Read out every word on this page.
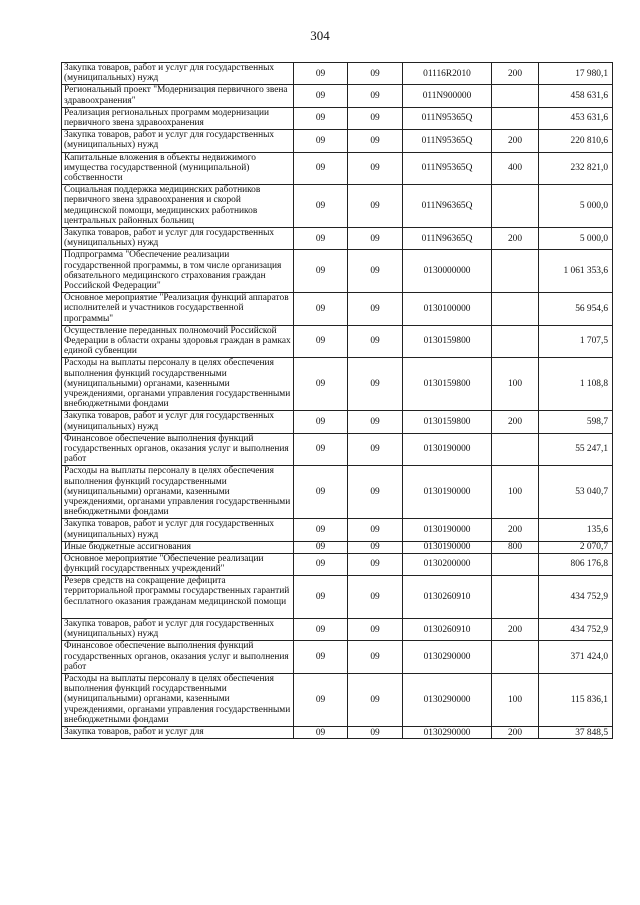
304
Закупка товаров, работ и услуг для государственных (муниципальных) нужд	09	09	01116R2010	200	17 980,1
Региональный проект "Модернизация первичного звена здравоохранения"	09	09	011N900000		458 631,6
Реализация региональных программ модернизации первичного звена здравоохранения	09	09	011N95365Q		453 631,6
Закупка товаров, работ и услуг для государственных (муниципальных) нужд	09	09	011N95365Q	200	220 810,6
Капитальные вложения в объекты недвижимого имущества государственной (муниципальной) собственности	09	09	011N95365Q	400	232 821,0
Социальная поддержка медицинских работников первичного звена здравоохранения и скорой медицинской помощи, медицинских работников центральных районных больниц	09	09	011N96365Q		5 000,0
Закупка товаров, работ и услуг для государственных (муниципальных) нужд	09	09	011N96365Q	200	5 000,0
Подпрограмма "Обеспечение реализации государственной программы, в том числе организация обязательного медицинского страхования граждан Российской Федерации"	09	09	0130000000		1 061 353,6
Основное мероприятие "Реализация функций аппаратов исполнителей и участников государственной программы"	09	09	0130100000		56 954,6
Осуществление переданных полномочий Российской Федерации в области охраны здоровья граждан в рамках единой субвенции	09	09	0130159800		1 707,5
Расходы на выплаты персоналу в целях обеспечения выполнения функций государственными (муниципальными) органами, казенными учреждениями, органами управления государственными внебюджетными фондами	09	09	0130159800	100	1 108,8
Закупка товаров, работ и услуг для государственных (муниципальных) нужд	09	09	0130159800	200	598,7
Финансовое обеспечение выполнения функций государственных органов, оказания услуг и выполнения работ	09	09	0130190000		55 247,1
Расходы на выплаты персоналу в целях обеспечения выполнения функций государственными (муниципальными) органами, казенными учреждениями, органами управления государственными внебюджетными фондами	09	09	0130190000	100	53 040,7
Закупка товаров, работ и услуг для государственных (муниципальных) нужд	09	09	0130190000	200	135,6
Иные бюджетные ассигнования	09	09	0130190000	800	2 070,7
Основное мероприятие "Обеспечение реализации функций государственных учреждений"	09	09	0130200000		806 176,8
Резерв средств на сокращение дефицита территориальной программы государственных гарантий бесплатного оказания гражданам медицинской помощи	09	09	0130260910		434 752,9
Закупка товаров, работ и услуг для государственных (муниципальных) нужд	09	09	0130260910	200	434 752,9
Финансовое обеспечение выполнения функций государственных органов, оказания услуг и выполнения работ	09	09	0130290000		371 424,0
Расходы на выплаты персоналу в целях обеспечения выполнения функций государственными (муниципальными) органами, казенными учреждениями, органами управления государственными внебюджетными фондами	09	09	0130290000	100	115 836,1
Закупка товаров, работ и услуг для	09	09	0130290000	200	37 848,5
